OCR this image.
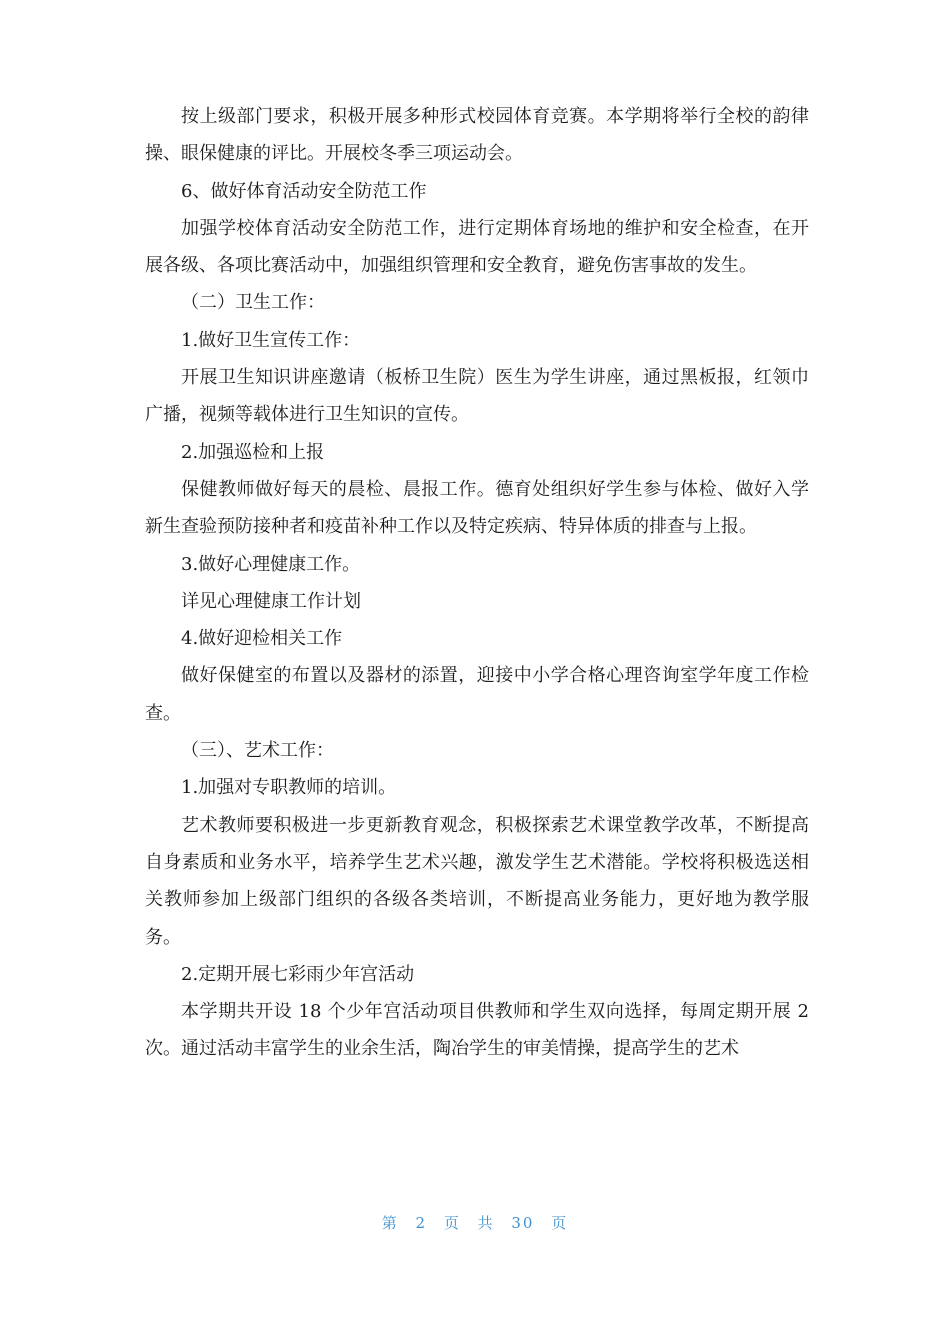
按上级部门要求，积极开展多种形式校园体育竞赛。本学期将举行全校的韵律操、眼保健康的评比。开展校冬季三项运动会。

6、做好体育活动安全防范工作

加强学校体育活动安全防范工作，进行定期体育场地的维护和安全检查，在开展各级、各项比赛活动中，加强组织管理和安全教育，避免伤害事故的发生。

（二）卫生工作：

1.做好卫生宣传工作：

开展卫生知识讲座邀请（板桥卫生院）医生为学生讲座，通过黑板报，红领巾广播，视频等载体进行卫生知识的宣传。

2.加强巡检和上报

保健教师做好每天的晨检、晨报工作。德育处组织好学生参与体检、做好入学新生查验预防接种者和疫苗补种工作以及特定疾病、特异体质的排查与上报。

3.做好心理健康工作。

详见心理健康工作计划

4.做好迎检相关工作

做好保健室的布置以及器材的添置，迎接中小学合格心理咨询室学年度工作检查。

（三）、艺术工作：

1.加强对专职教师的培训。

艺术教师要积极进一步更新教育观念，积极探索艺术课堂教学改革，不断提高自身素质和业务水平，培养学生艺术兴趣，激发学生艺术潜能。学校将积极选送相关教师参加上级部门组织的各级各类培训，不断提高业务能力，更好地为教学服务。

2.定期开展七彩雨少年宫活动

本学期共开设 18 个少年宫活动项目供教师和学生双向选择，每周定期开展 2 次。通过活动丰富学生的业余生活，陶冶学生的审美情操，提高学生的艺术

第 2 页 共 30 页
